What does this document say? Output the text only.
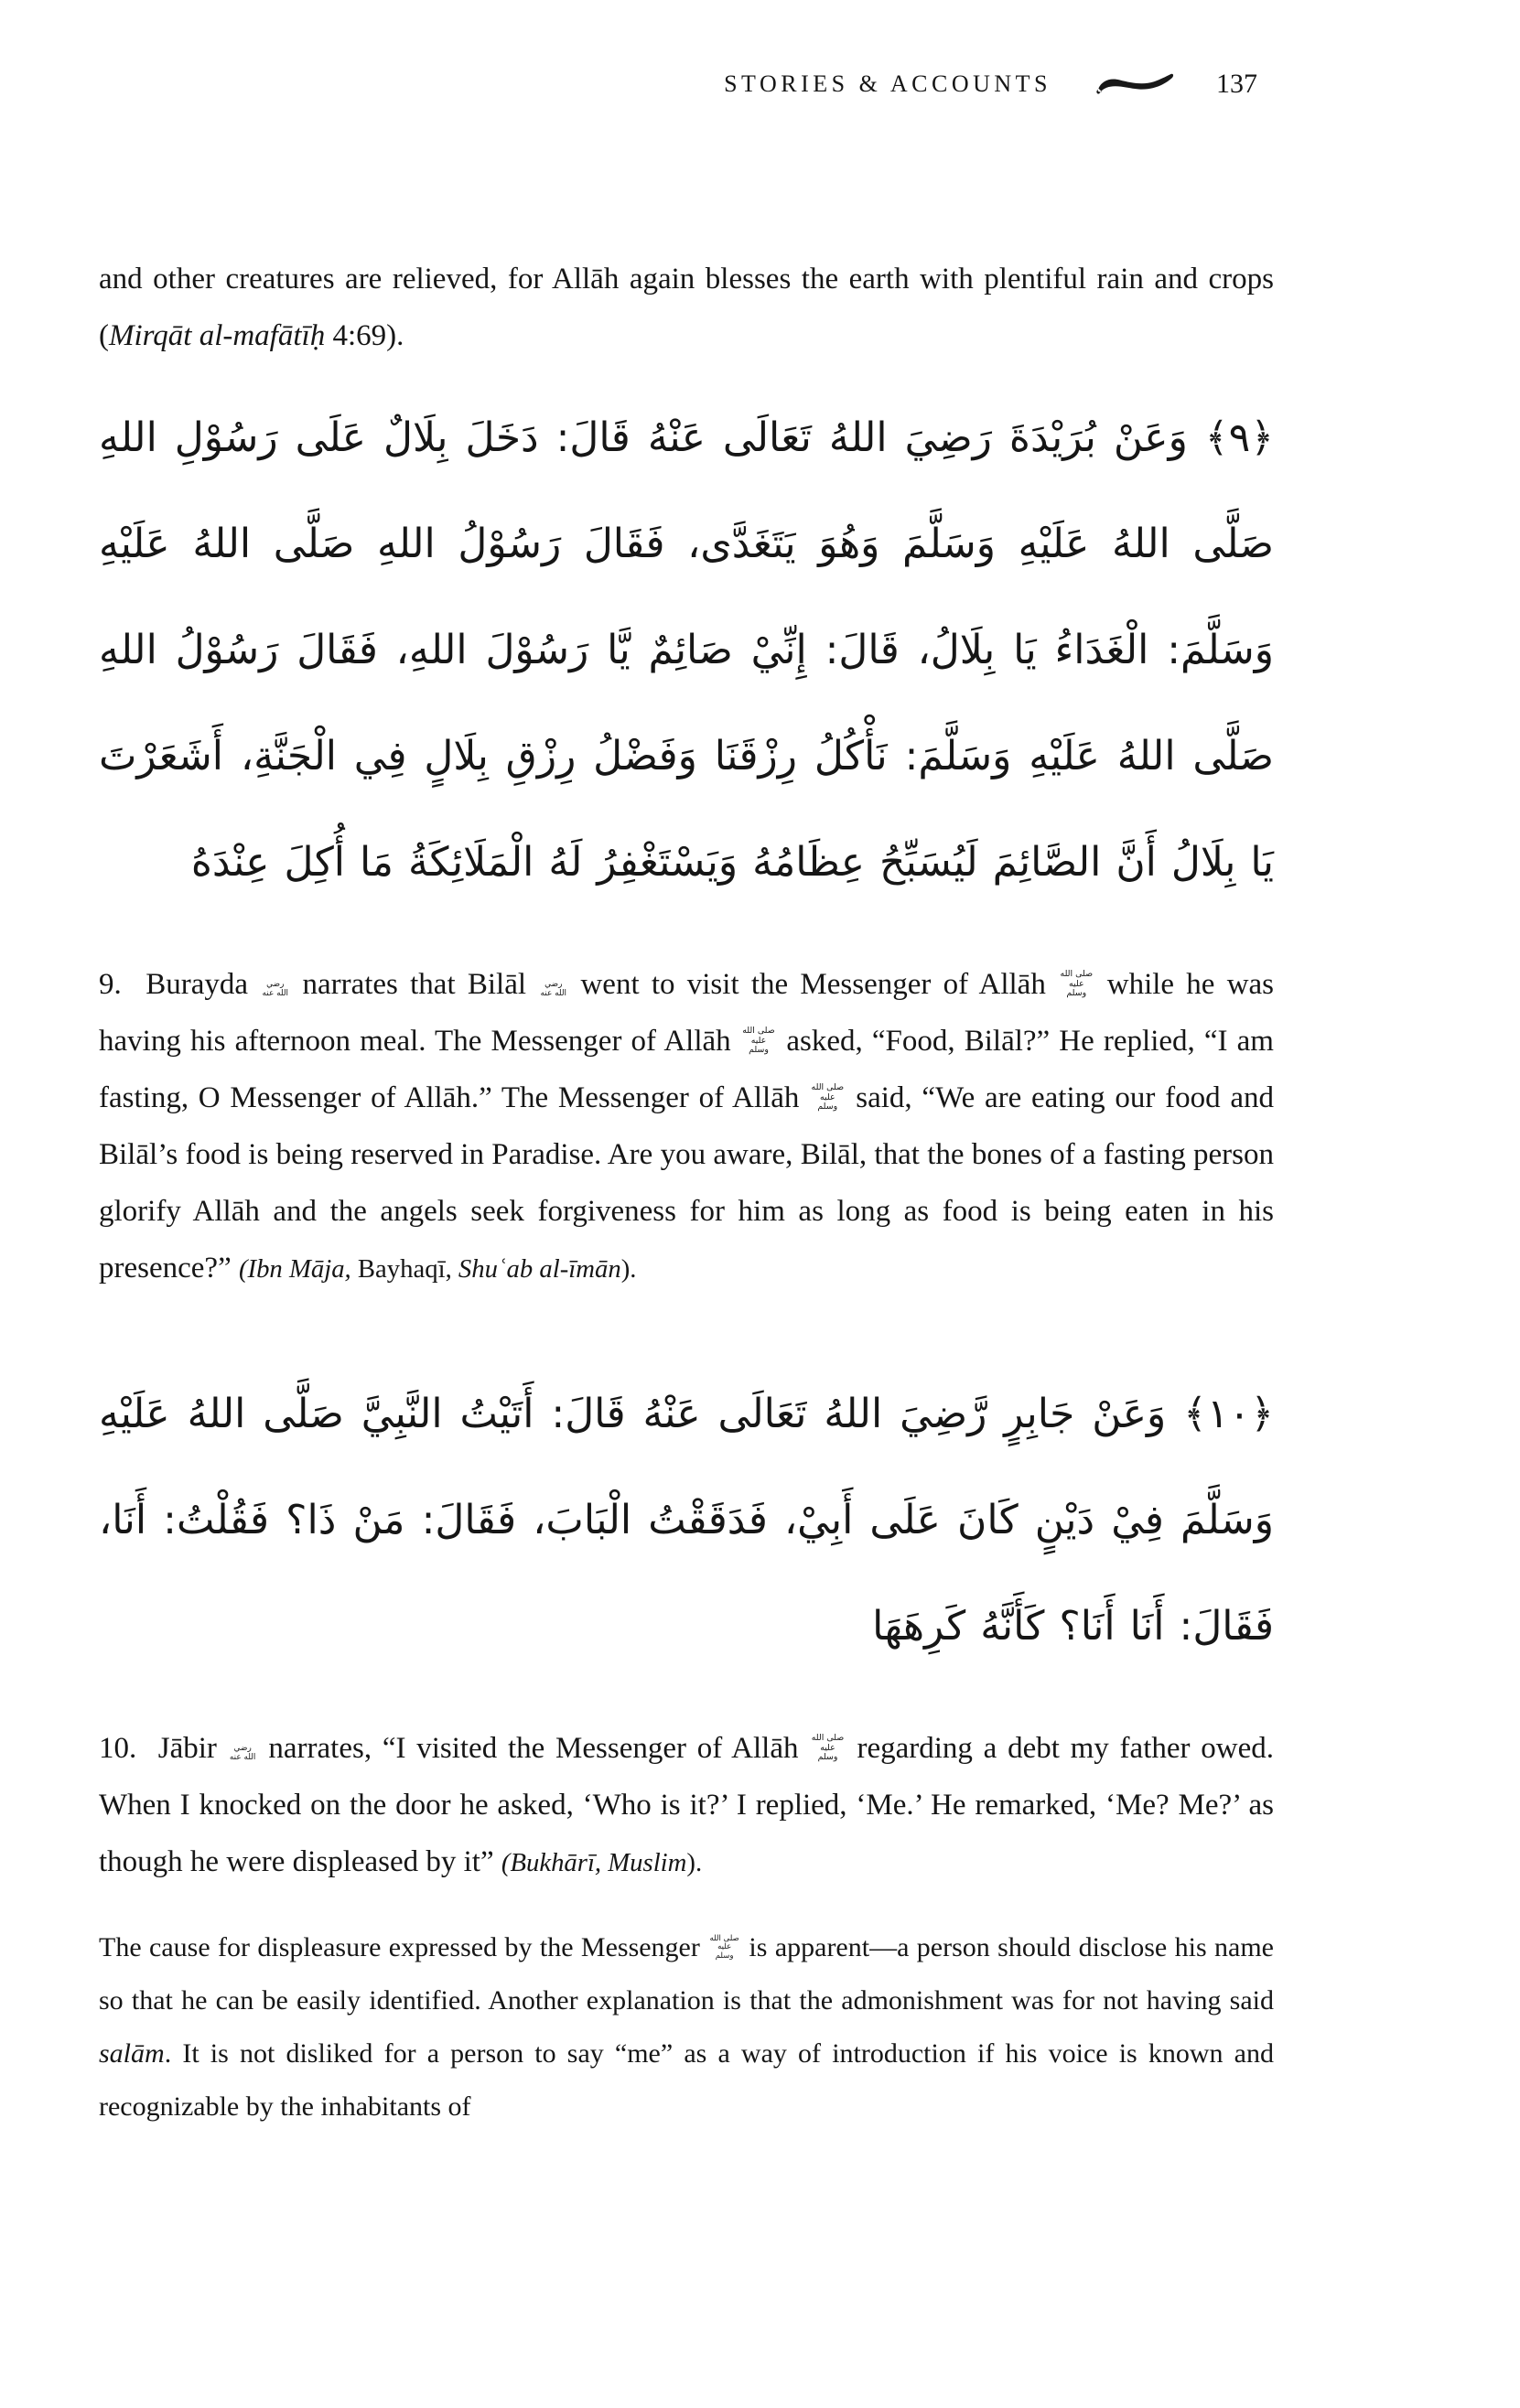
STORIES & ACCOUNTS	137

and other creatures are relieved, for Allāh again blesses the earth with plentiful rain and crops (Mirqāt al-mafātīḥ 4:69).

﴿٩﴾ وَعَنْ بُرَيْدَةَ رَضِيَ اللهُ تَعَالَى عَنْهُ قَالَ: دَخَلَ بِلَالٌ عَلَى رَسُوْلِ اللهِ صَلَّى اللهُ عَلَيْهِ وَسَلَّمَ وَهُوَ يَتَغَدَّى، فَقَالَ رَسُوْلُ اللهِ صَلَّى اللهُ عَلَيْهِ وَسَلَّمَ: الْغَدَاءُ يَا بِلَالُ، قَالَ: إِنِّيْ صَائِمٌ يَّا رَسُوْلَ اللهِ، فَقَالَ رَسُوْلُ اللهِ صَلَّى اللهُ عَلَيْهِ وَسَلَّمَ: نَأْكُلُ رِزْقَنَا وَفَضْلُ رِزْقِ بِلَالٍ فِي الْجَنَّةِ، أَشَعَرْتَ يَا بِلَالُ أَنَّ الصَّائِمَ لَيُسَبِّحُ عِظَامُهُ وَيَسْتَغْفِرُ لَهُ الْمَلَائِكَةُ مَا أُكِلَ عِنْدَهُ

9.  Burayda رضي الله عنه narrates that Bilāl رضي الله عنه went to visit the Messenger of Allāh صلى الله عليه وسلم while he was having his afternoon meal. The Messenger of Allāh صلى الله عليه وسلم asked, “Food, Bilāl?” He replied, “I am fasting, O Messenger of Allāh.” The Messenger of Allāh صلى الله عليه وسلم said, “We are eating our food and Bilāl’s food is being reserved in Paradise. Are you aware, Bilāl, that the bones of a fasting person glorify Allāh and the angels seek forgiveness for him as long as food is being eaten in his presence?” (Ibn Māja, Bayhaqī, Shuʿab al-īmān).

﴿١٠﴾ وَعَنْ جَابِرٍ رَّضِيَ اللهُ تَعَالَى عَنْهُ قَالَ: أَتَيْتُ النَّبِيَّ صَلَّى اللهُ عَلَيْهِ وَسَلَّمَ فِيْ دَيْنٍ كَانَ عَلَى أَبِيْ، فَدَقَقْتُ الْبَابَ، فَقَالَ: مَنْ ذَا؟ فَقُلْتُ: أَنَا، فَقَالَ: أَنَا أَنَا؟ كَأَنَّهُ كَرِهَهَا

10.  Jābir رضي الله عنه narrates, “I visited the Messenger of Allāh صلى الله عليه وسلم regarding a debt my father owed. When I knocked on the door he asked, ‘Who is it?’ I replied, ‘Me.’ He remarked, ‘Me? Me?’ as though he were displeased by it” (Bukhārī, Muslim).

The cause for displeasure expressed by the Messenger صلى الله عليه وسلم is apparent—a person should disclose his name so that he can be easily identified. Another explanation is that the admonishment was for not having said salām. It is not disliked for a person to say “me” as a way of introduction if his voice is known and recognizable by the inhabitants of
